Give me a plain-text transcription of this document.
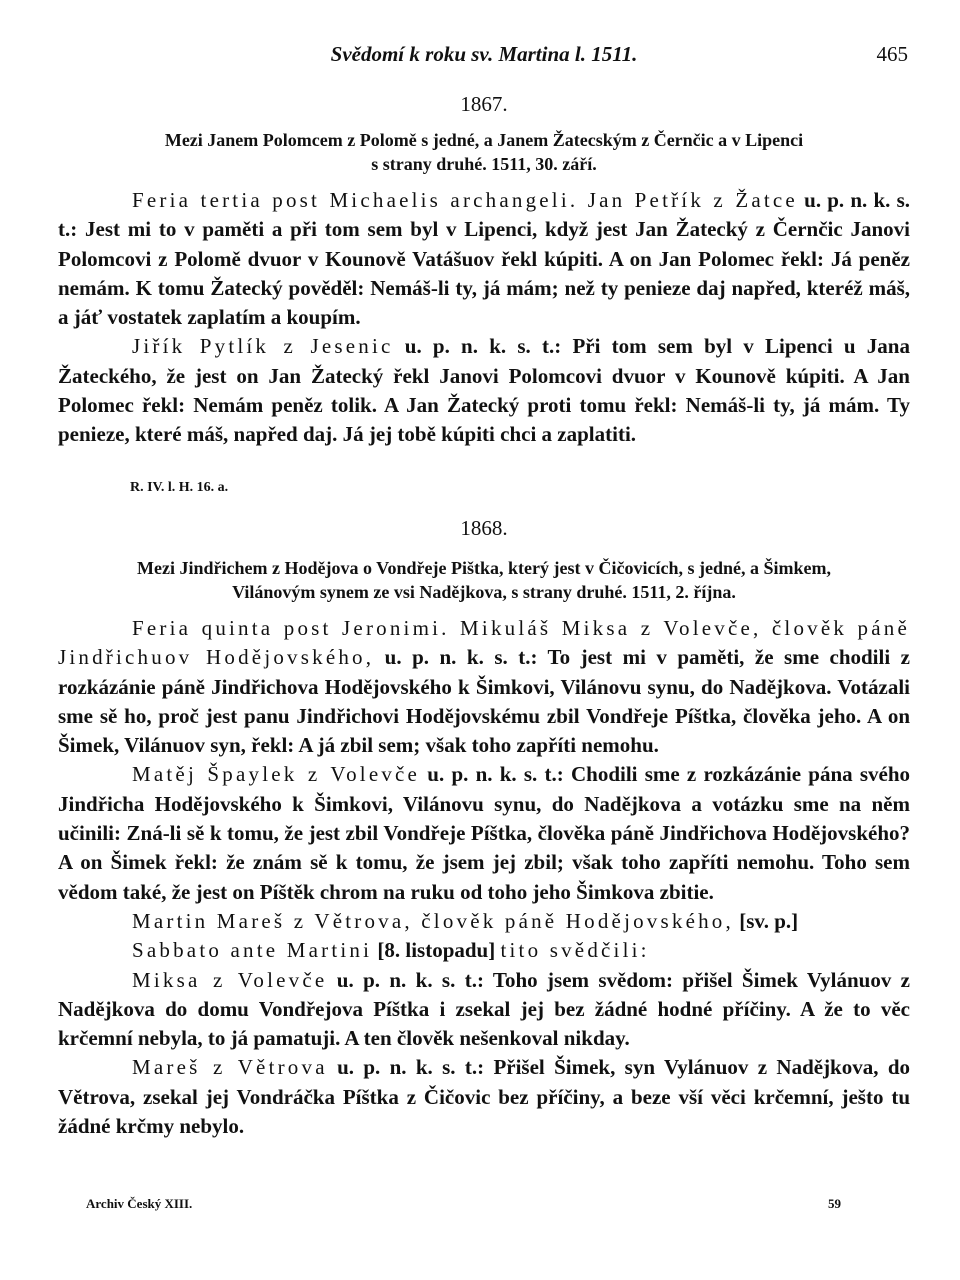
Svědomí k roku sv. Martina l. 1511.	465
1867.
Mezi Janem Polomcem z Polomě s jedné, a Janem Žatecským z Černčic a v Lipenci
s strany druhé. 1511, 30. září.

Feria tertia post Michaelis archangeli. Jan Petřík z Žatce u. p. n. k. s. t.: Jest mi to v paměti a při tom sem byl v Lipenci, když jest Jan Žatecký z Černčic Janovi Polomcovi z Polomě dvuor v Kounově Vatášuov řekl kúpiti. A on Jan Polomec řekl: Já peněz nemám. K tomu Žatecký pověděl: Nemáš-li ty, já mám; než ty penieze daj napřed, kteréž máš, a jáť vostatek zaplatím a koupím.

Jiřík Pytlík z Jesenic u. p. n. k. s. t.: Při tom sem byl v Lipenci u Jana Žateckého, že jest on Jan Žatecký řekl Janovi Polomcovi dvuor v Kounově kúpiti. A Jan Polomec řekl: Nemám peněz tolik. A Jan Žatecký proti tomu řekl: Nemáš-li ty, já mám. Ty penieze, které máš, napřed daj. Já jej tobě kúpiti chci a zaplatiti.

R. IV. l. H. 16. a.
1868.
Mezi Jindřichem z Hodějova o Vondřeje Pištka, který jest v Čičovicích, s jedné, a Šimkem,
Vilánovým synem ze vsi Nadějkova, s strany druhé. 1511, 2. října.

Feria quinta post Jeronimi. Mikuláš Miksa z Volevče, člověk páně Jindřichuov Hodějovského, u. p. n. k. s. t.: To jest mi v paměti, že sme chodili z rozkázánie páně Jindřichova Hodějovského k Šimkovi, Vilánovu synu, do Nadějkova. Votázali sme sě ho, proč jest panu Jindřichovi Hodějovskému zbil Vondřeje Píštka, člověka jeho. A on Šimek, Vilánuov syn, řekl: A já zbil sem; však toho zapříti nemohu.

Matěj Špaylek z Volevče u. p. n. k. s. t.: Chodili sme z rozkázánie pána svého Jindřicha Hodějovského k Šimkovi, Vilánovu synu, do Nadějkova a votázku sme na něm učinili: Zná-li sě k tomu, že jest zbil Vondřeje Píštka, člověka páně Jindřichova Hodějovského? A on Šimek řekl: že znám sě k tomu, že jsem jej zbil; však toho zapříti nemohu. Toho sem vědom také, že jest on Píštěk chrom na ruku od toho jeho Šimkova zbitie.

Martin Mareš z Větrova, člověk páně Hodějovského, [sv. p.]

Sabbato ante Martini [8. listopadu] tito svědčili:

Miksa z Volevče u. p. n. k. s. t.: Toho jsem svědom: přišel Šimek Vylánuov z Nadějkova do domu Vondřejova Píštka i zsekal jej bez žádné hodné příčiny. A že to věc krčemní nebyla, to já pamatuji. A ten člověk nešenkoval nikday.

Mareš z Větrova u. p. n. k. s. t.: Přišel Šimek, syn Vylánuov z Nadějkova, do Větrova, zsekal jej Vondráčka Píštka z Čičovic bez příčiny, a beze vší věci krčemní, ješto tu žádné krčmy nebylo.

Archiv Český XIII.	59
